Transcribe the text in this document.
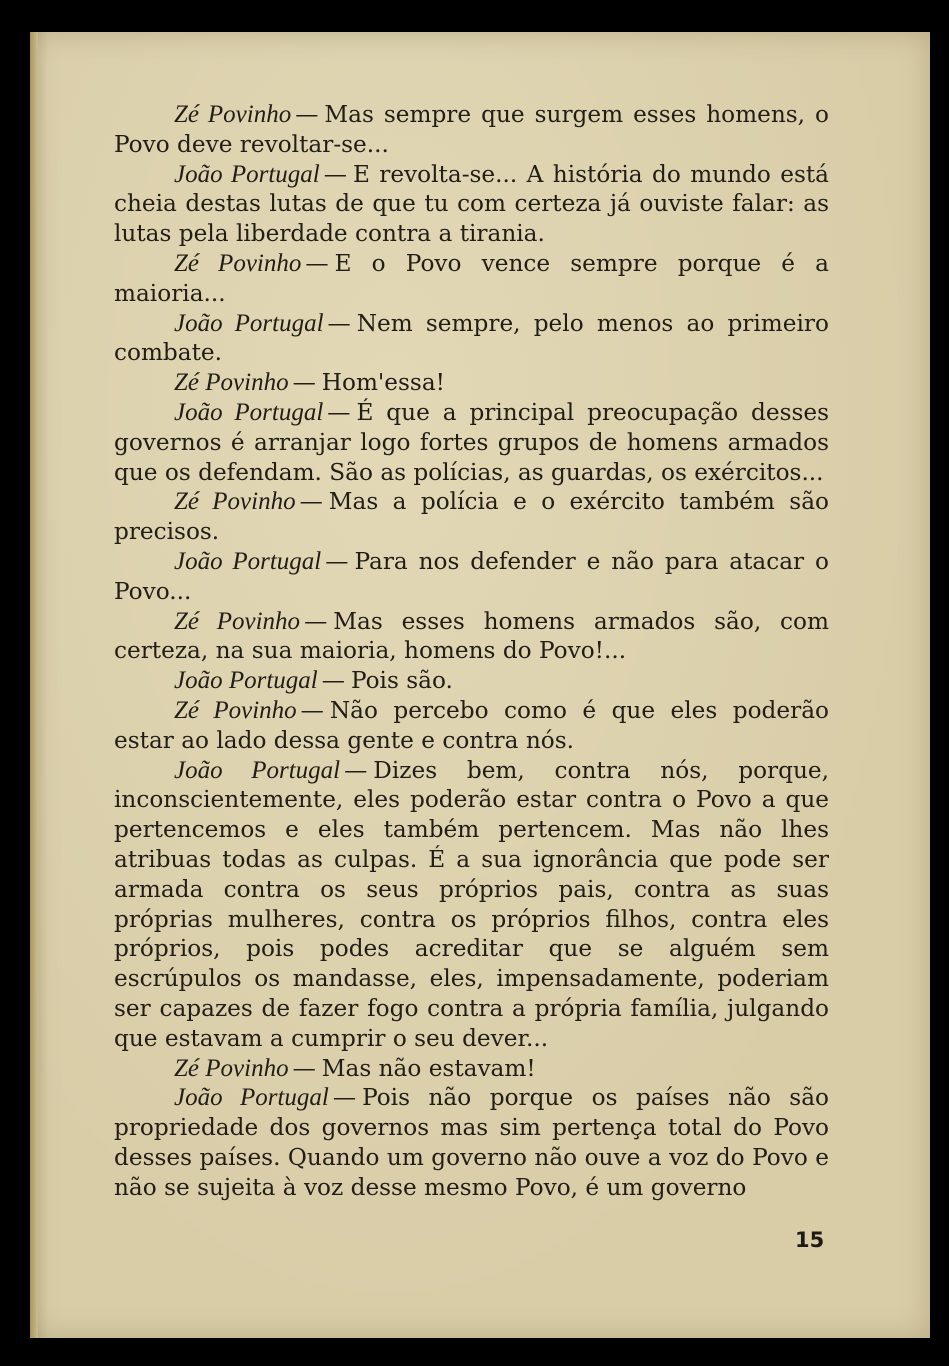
Zé Povinho — Mas sempre que surgem esses homens, o Povo deve revoltar-se...

João Portugal — E revolta-se... A história do mundo está cheia destas lutas de que tu com certeza já ouviste falar: as lutas pela liberdade contra a tirania.

Zé Povinho — E o Povo vence sempre porque é a maioria...

João Portugal — Nem sempre, pelo menos ao primeiro combate.

Zé Povinho — Hom'essa!

João Portugal — É que a principal preocupação desses governos é arranjar logo fortes grupos de homens armados que os defendam. São as polícias, as guardas, os exércitos...

Zé Povinho — Mas a polícia e o exército também são precisos.

João Portugal — Para nos defender e não para atacar o Povo...

Zé Povinho — Mas esses homens armados são, com certeza, na sua maioria, homens do Povo!...

João Portugal — Pois são.

Zé Povinho — Não percebo como é que eles poderão estar ao lado dessa gente e contra nós.

João Portugal — Dizes bem, contra nós, porque, inconscientemente, eles poderão estar contra o Povo a que pertencemos e eles também pertencem. Mas não lhes atribuas todas as culpas. É a sua ignorância que pode ser armada contra os seus próprios pais, contra as suas próprias mulheres, contra os próprios filhos, contra eles próprios, pois podes acreditar que se alguém sem escrúpulos os mandasse, eles, impensadamente, poderiam ser capazes de fazer fogo contra a própria família, julgando que estavam a cumprir o seu dever...

Zé Povinho — Mas não estavam!

João Portugal — Pois não porque os países não são propriedade dos governos mas sim pertença total do Povo desses países. Quando um governo não ouve a voz do Povo e não se sujeita à voz desse mesmo Povo, é um governo

15
